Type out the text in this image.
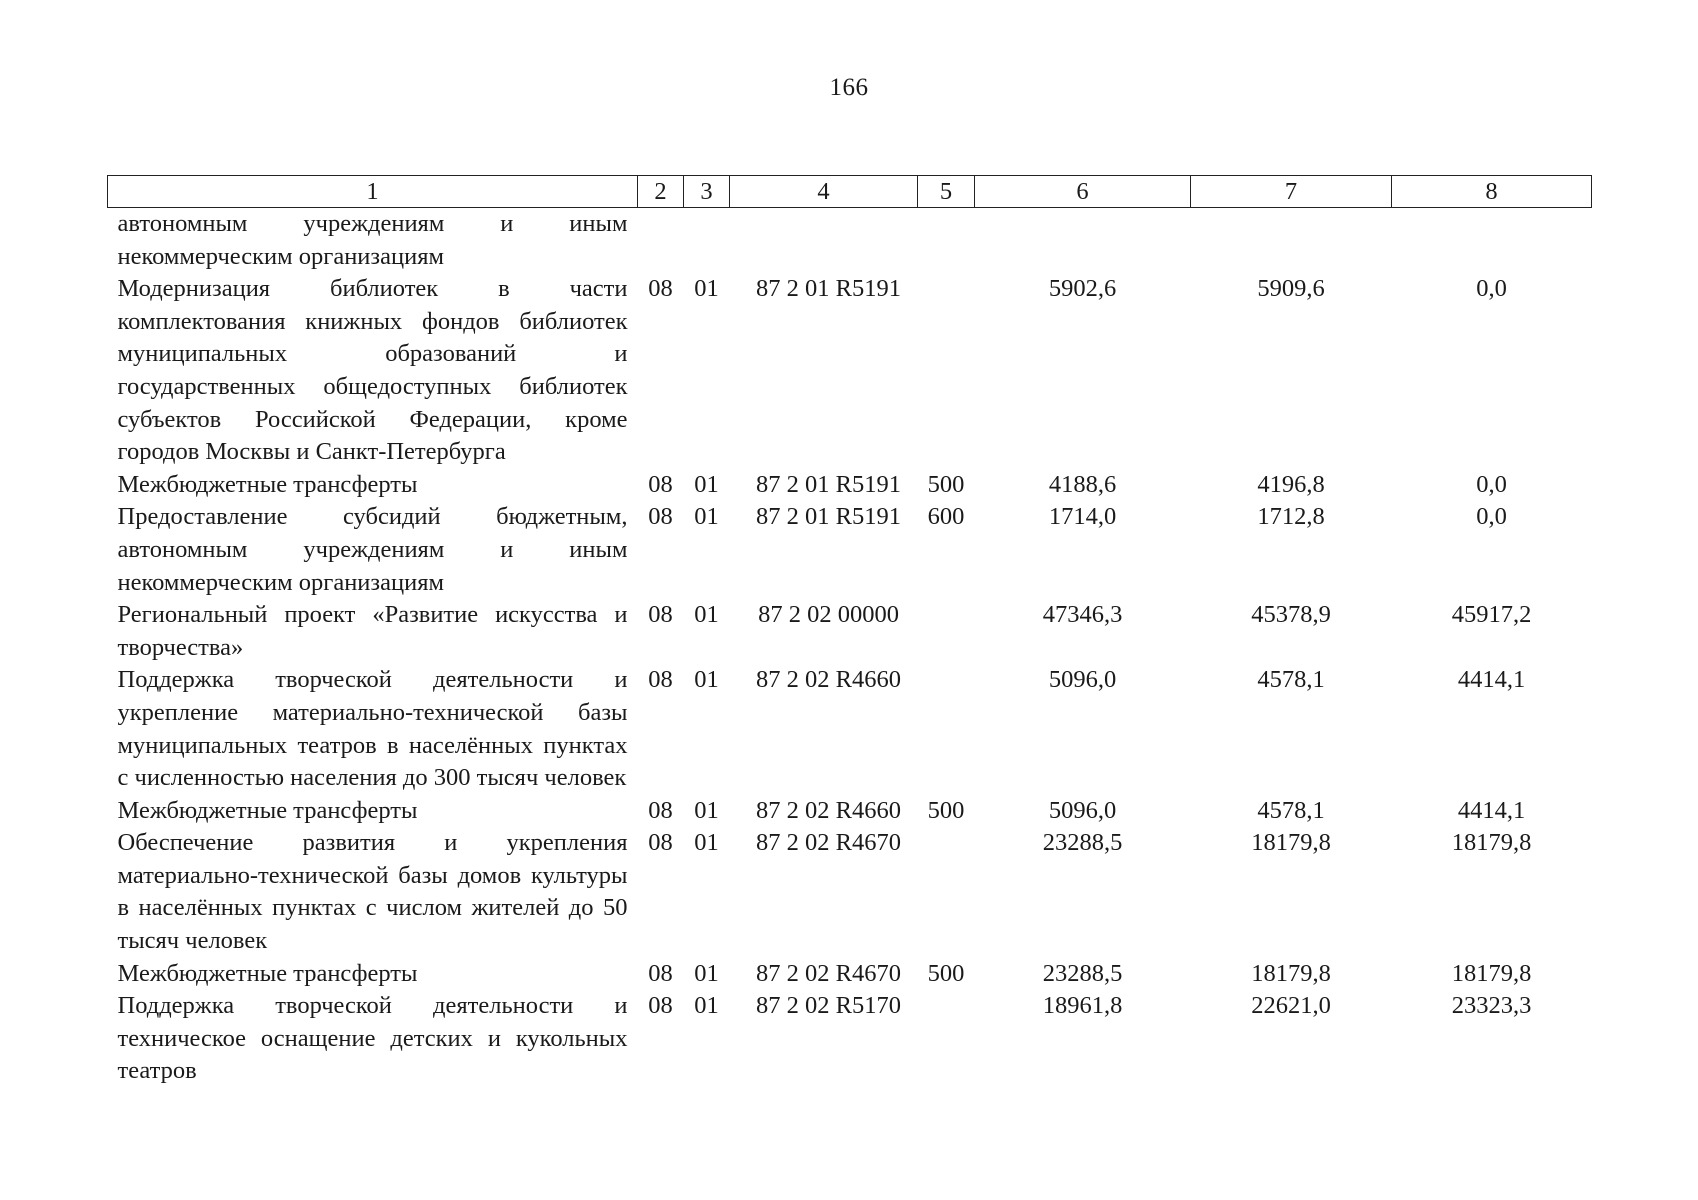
166
1	2	3	4	5	6	7	8
автономным учреждениям и иным некоммерческим организациям							
Модернизация библиотек в части комплектования книжных фондов библиотек муниципальных образований и государственных общедоступных библиотек субъектов Российской Федерации, кроме городов Москвы и Санкт-Петербурга	08	01	87 2 01 R5191		5902,6	5909,6	0,0
Межбюджетные трансферты	08	01	87 2 01 R5191	500	4188,6	4196,8	0,0
Предоставление субсидий бюджетным, автономным учреждениям и иным некоммерческим организациям	08	01	87 2 01 R5191	600	1714,0	1712,8	0,0
Региональный проект «Развитие искусства и творчества»	08	01	87 2 02 00000		47346,3	45378,9	45917,2
Поддержка творческой деятельности и укрепление материально-технической базы муниципальных театров в населённых пунктах с численностью населения до 300 тысяч человек	08	01	87 2 02 R4660		5096,0	4578,1	4414,1
Межбюджетные трансферты	08	01	87 2 02 R4660	500	5096,0	4578,1	4414,1
Обеспечение развития и укрепления материально-технической базы домов культуры в населённых пунктах с числом жителей до 50 тысяч человек	08	01	87 2 02 R4670		23288,5	18179,8	18179,8
Межбюджетные трансферты	08	01	87 2 02 R4670	500	23288,5	18179,8	18179,8
Поддержка творческой деятельности и техническое оснащение детских и кукольных театров	08	01	87 2 02 R5170		18961,8	22621,0	23323,3
